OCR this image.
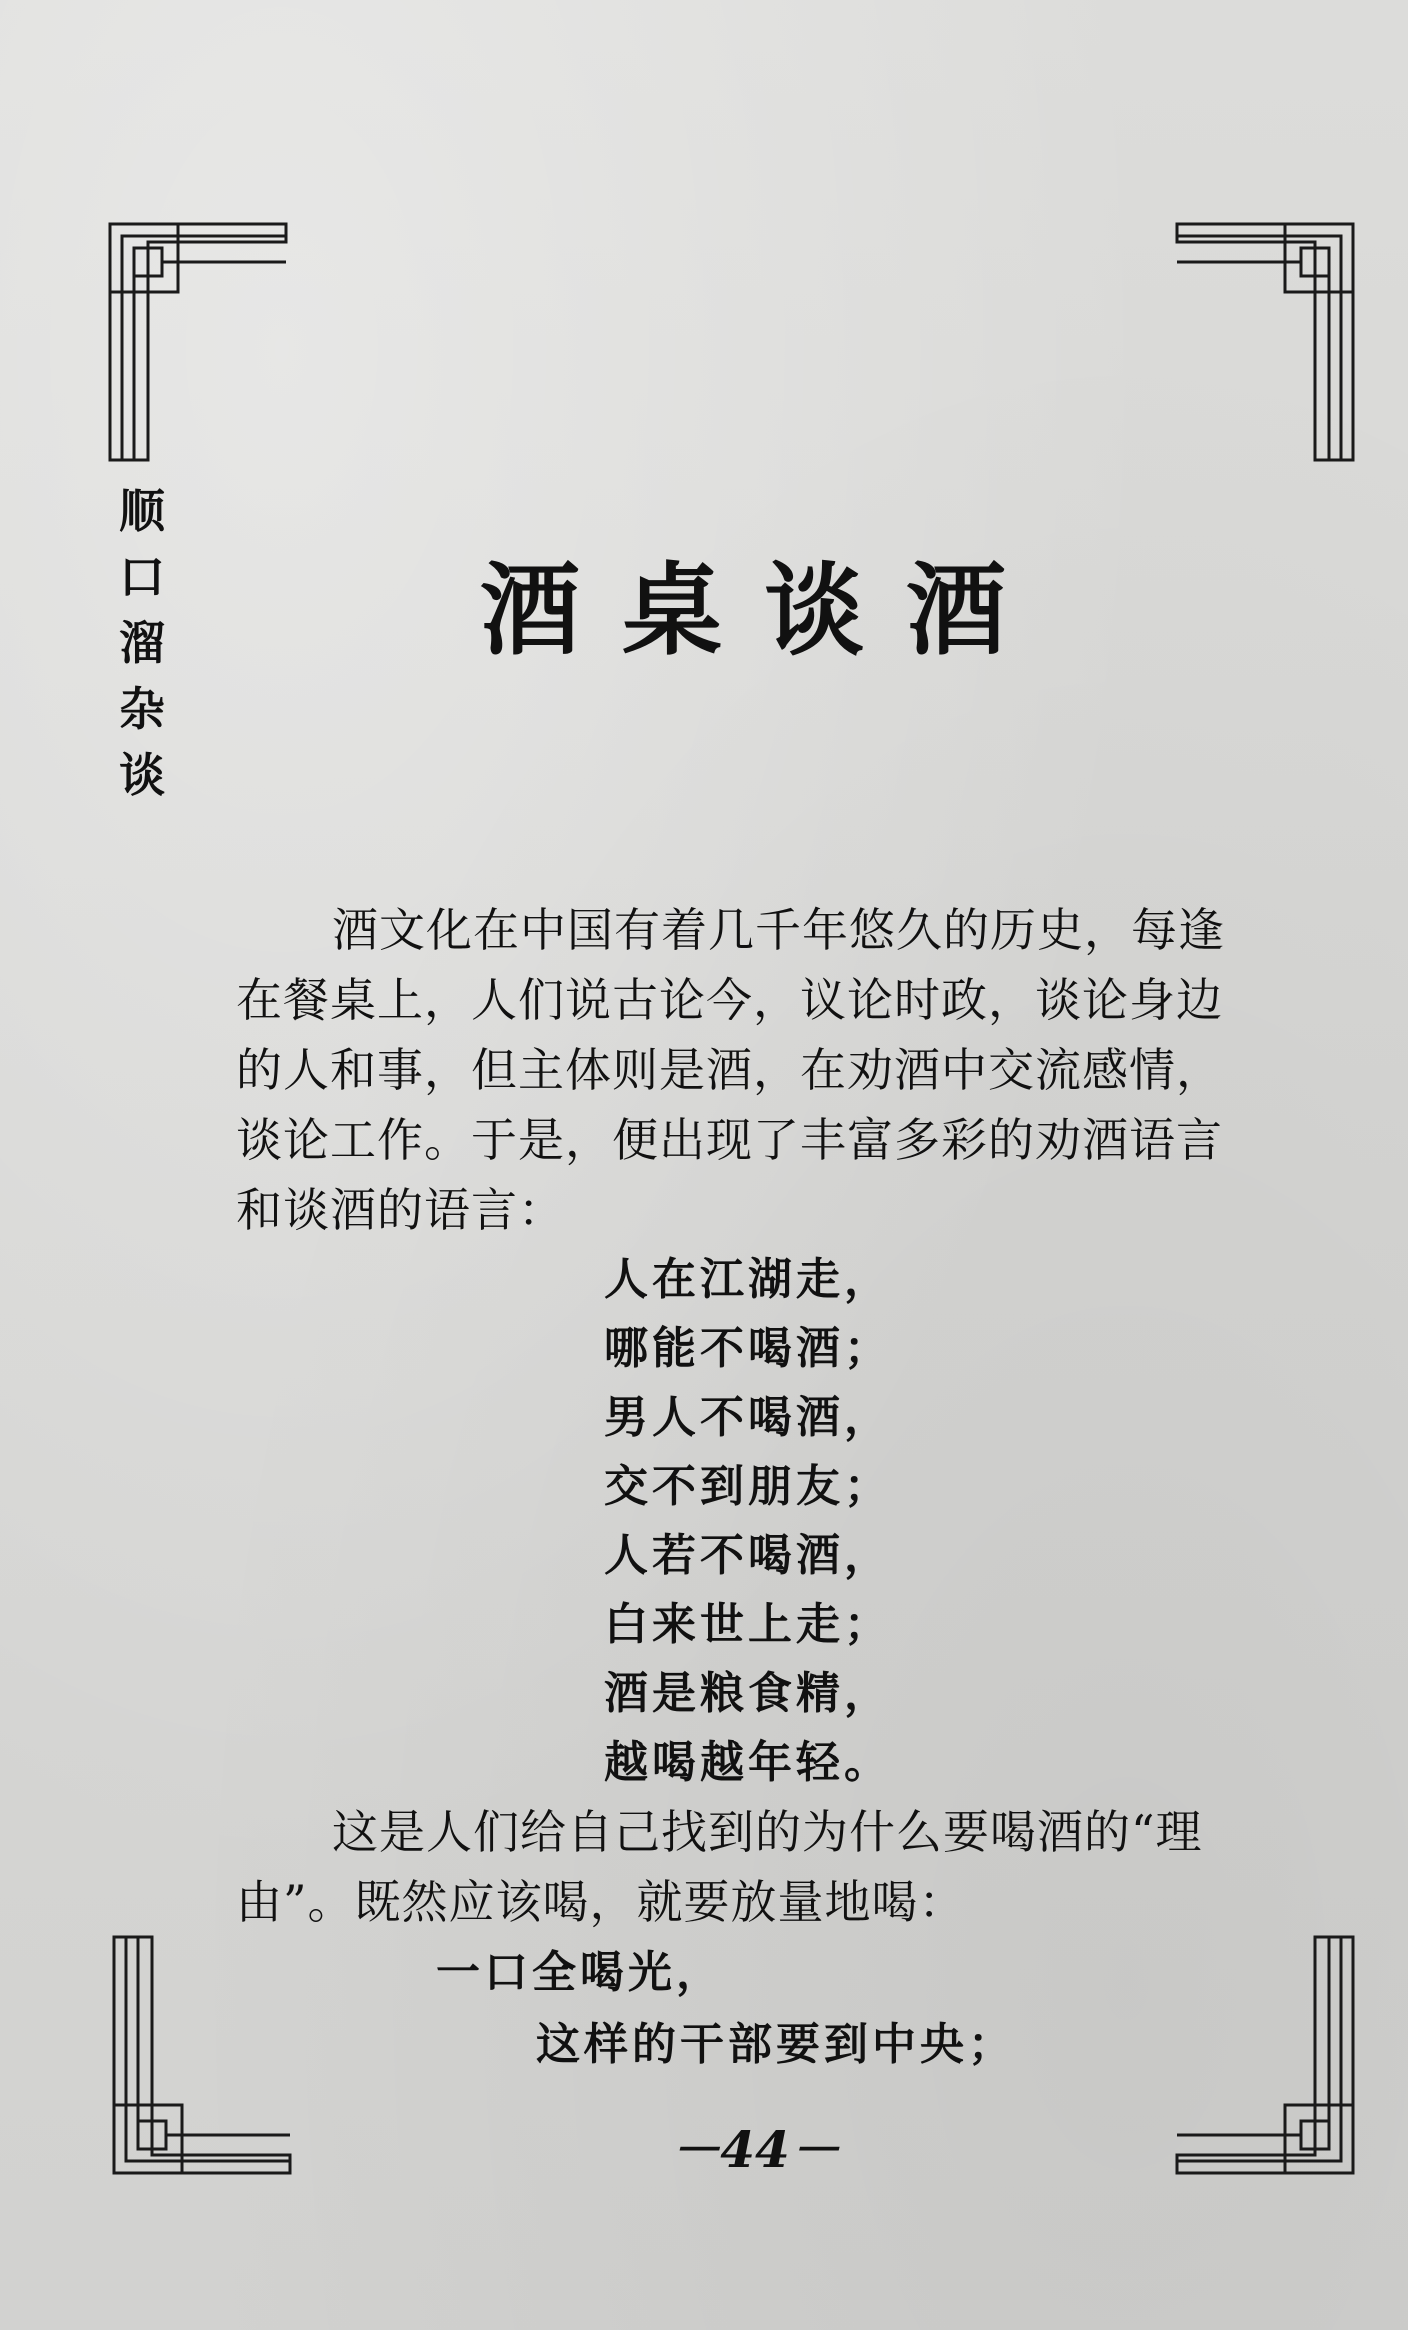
顺
口
溜
杂
谈
酒桌谈酒

酒文化在中国有着几千年悠久的历史，每逢在餐桌上，人们说古论今，议论时政，谈论身边的人和事，但主体则是酒，在劝酒中交流感情，谈论工作。于是，便出现了丰富多彩的劝酒语言和谈酒的语言：

人在江湖走，
哪能不喝酒；
男人不喝酒，
交不到朋友；
人若不喝酒，
白来世上走；
酒是粮食精，
越喝越年轻。

这是人们给自己找到的为什么要喝酒的“理由”。既然应该喝，就要放量地喝：

一口全喝光，
这样的干部要到中央；
－44－
